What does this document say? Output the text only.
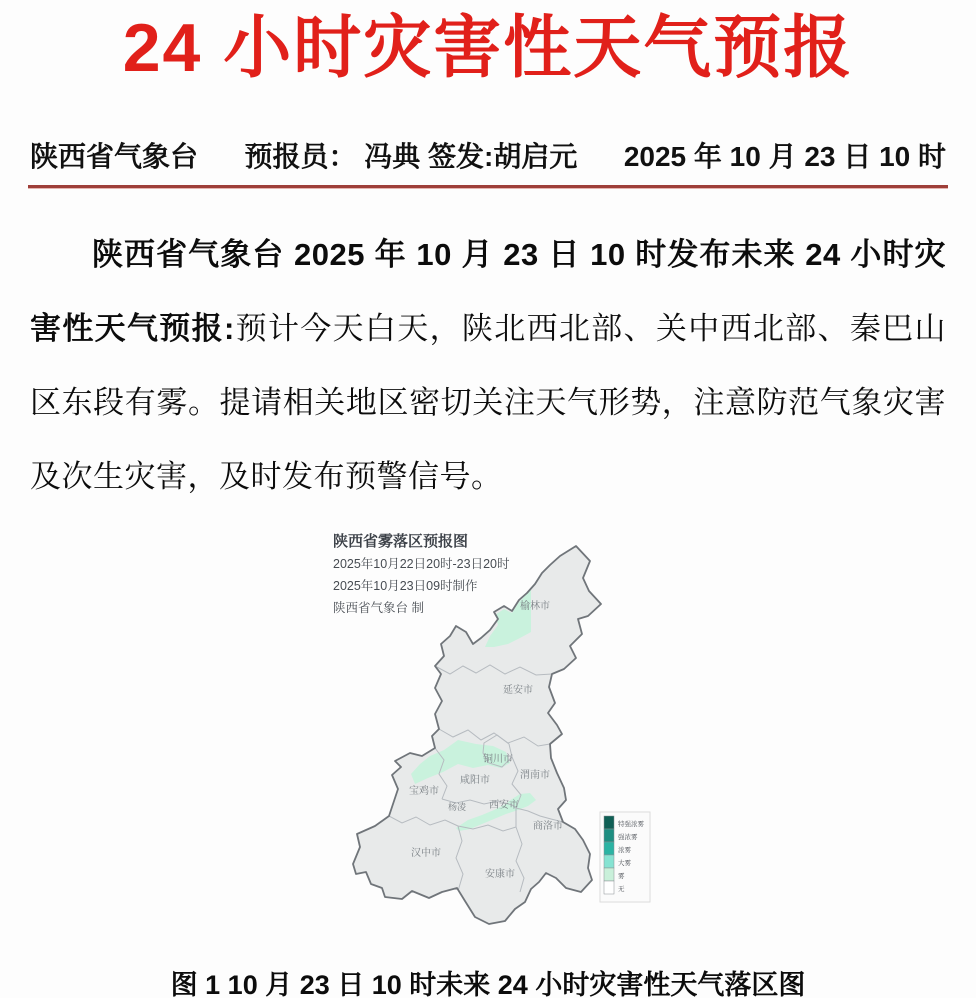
24 小时灾害性天气预报
陕西省气象台 预报员： 冯典 签发:胡启元 2025 年 10 月 23 日 10 时

陕西省气象台 2025 年 10 月 23 日 10 时发布未来 24 小时灾害性天气预报:预计今天白天，陕北西北部、关中西北部、秦巴山区东段有雾。提请相关地区密切关注天气形势，注意防范气象灾害及次生灾害，及时发布预警信号。

榆林市
延安市
铜川市
渭南市
咸阳市
宝鸡市
杨凌 西安市
商洛市
汉中市
安康市
陕西省雾落区预报图
2025年10月22日20时-23日20时
2025年10月23日09时制作
陕西省气象台 制
特强浓雾
强浓雾
浓雾
大雾
雾
无

图 1 10 月 23 日 10 时未来 24 小时灾害性天气落区图
